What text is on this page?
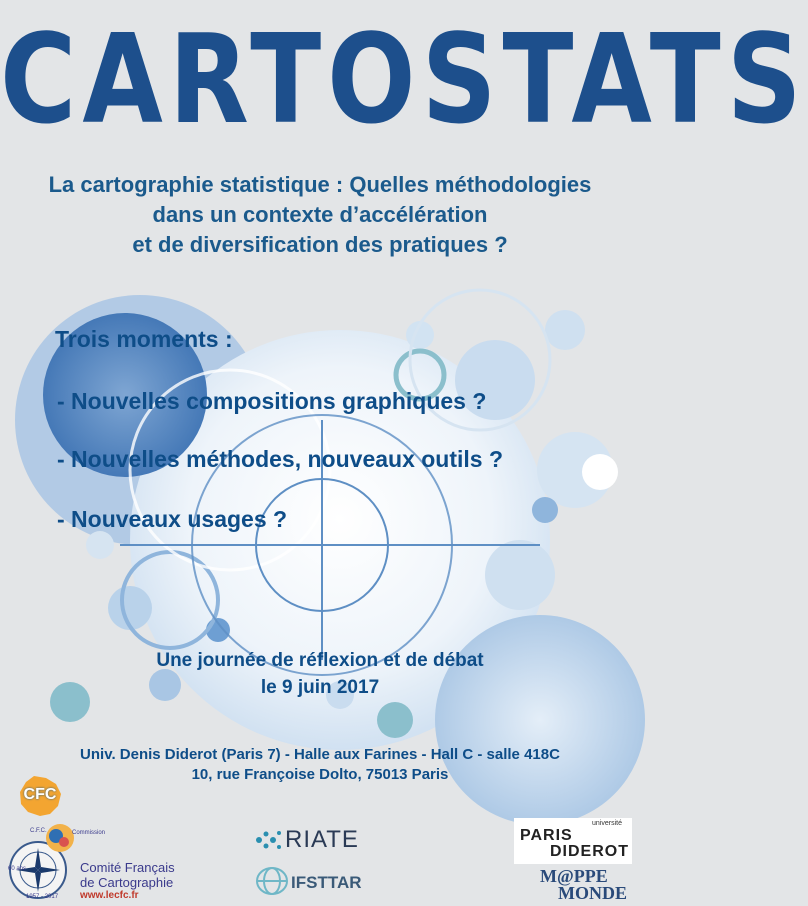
CARTOSTATS
La cartographie statistique : Quelles méthodologies
dans un contexte d’accélération
et de diversification des pratiques ?
Trois moments :
- Nouvelles compositions graphiques ?
- Nouvelles méthodes, nouveaux outils ?
- Nouveaux usages ?
Une journée de réflexion et de débat
le 9 juin 2017
Univ. Denis Diderot (Paris 7) - Halle aux Farines - Hall C - salle 418C
10, rue Françoise Dolto, 75013 Paris
CFC
C.F.C.
1957 - 2017
60 ans
Commission
Comité Français
de Cartographie
www.lecfc.fr
RIATE
IFSTTAR
université
PARIS
DIDEROT
M@PPE
MONDE
